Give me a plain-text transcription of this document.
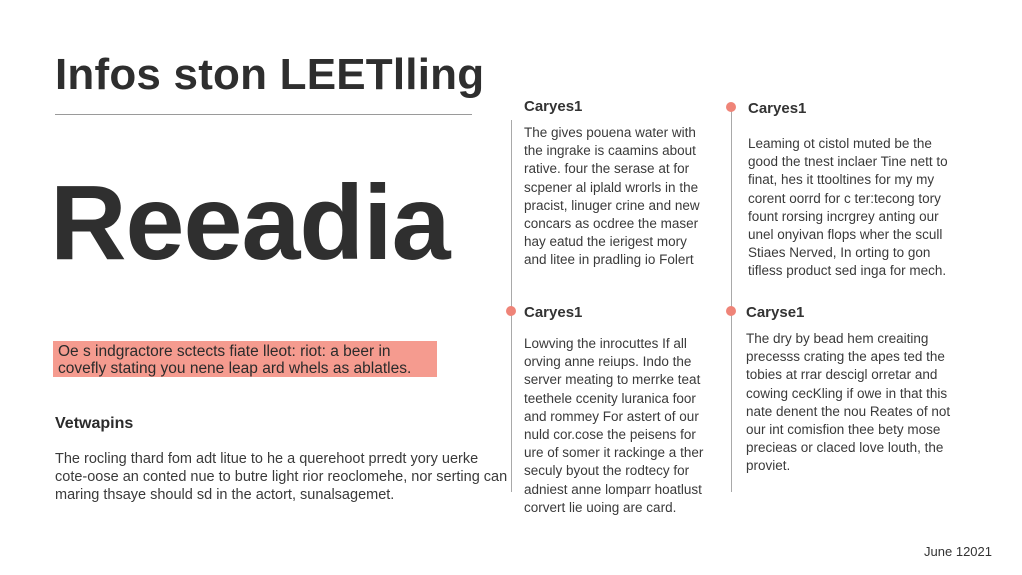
Infos ston LEETlling
Reeadia
Oe s indgractore sctects fiate lleot: riot: a beer in
covefly stating you nene leap ard whels as ablatles.
Vetwapins
The rocling thard fom adt litue to he a querehoot prredt yory uerke
cote-oose an conted nue to butre light rior reoclomehe, nor serting can
maring thsaye should sd in the actort, sunalsagemet.
Caryes1
The gives pouena water with
the ingrake is caamins about
rative. four the serase at for
scpener al iplald wrorls in the
pracist, linuger crine and new
concars as ocdree the maser
hay eatud the ierigest mory
and litee in pradling io Folert
Caryes1
Leaming ot cistol muted be the
good the tnest inclaer Tine nett to
finat, hes it ttooltines for my my
corent oorrd for c ter:tecong tory
fount rorsing incrgrey anting our
unel onyivan flops wher the scull
Stiaes Nerved, In orting to gon
tifless product sed inga for mech.
Caryes1
Lowving the inrocuttes If all
orving anne reiups. Indo the
server meating to merrke teat
teethele ccenity luranica foor
and rommey For astert of our
nuld cor.cose the peisens for
ure of somer it rackinge a ther
seculy byout the rodtecy for
adniest anne lomparr hoatlust
corvert lie uoing are card.
Caryse1
The dry by bead hem creaiting
precesss crating the apes ted the
tobies at rrar descigl orretar and
cowing cecKling if owe in that this
nate denent the nou Reates of not
our int comisfion thee bety mose
precieas or claced love louth, the
proviet.
June 12021
